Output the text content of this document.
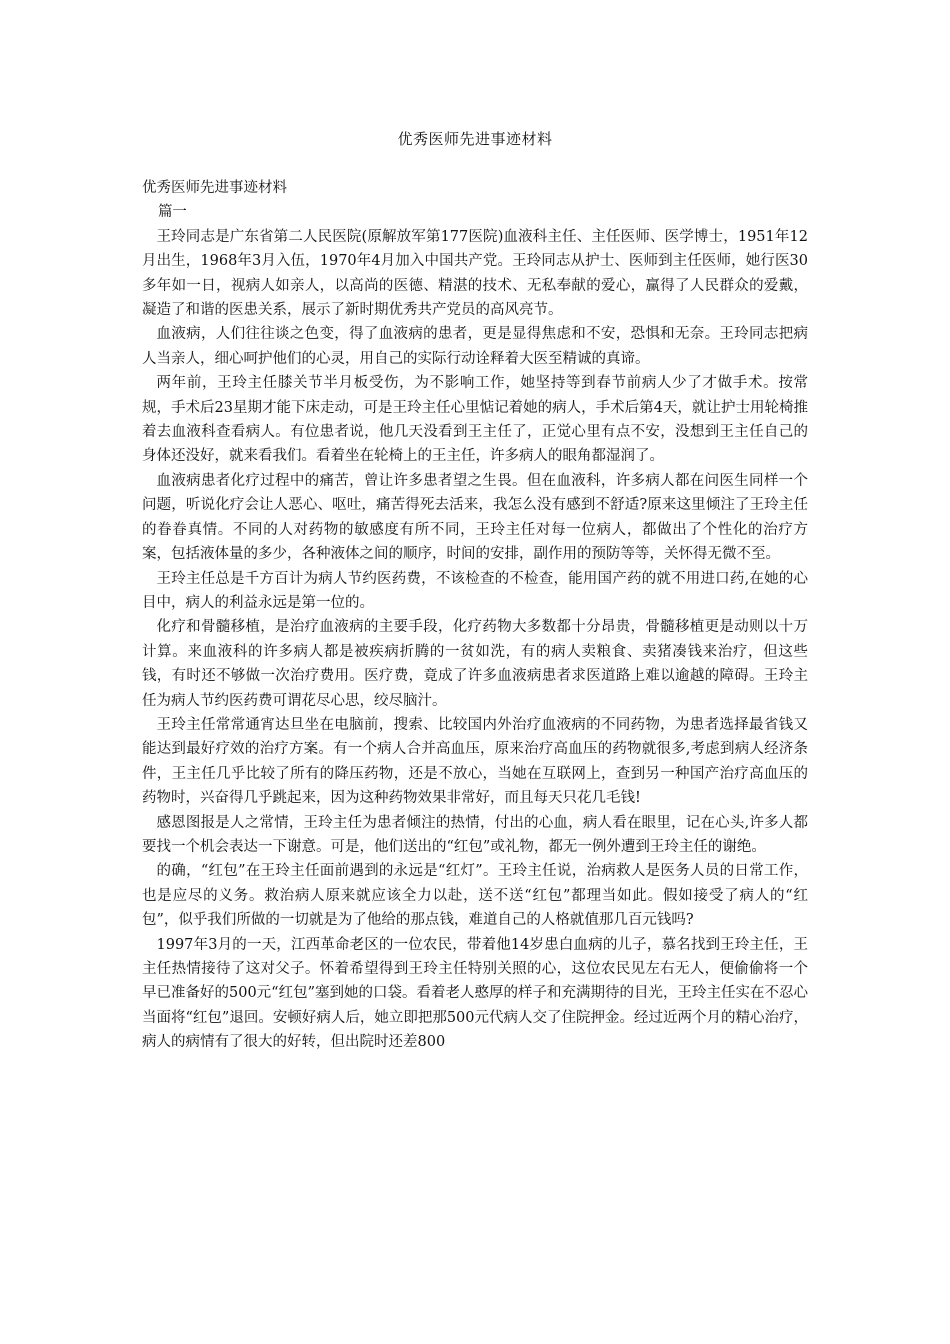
优秀医师先进事迹材料

优秀医师先进事迹材料

篇一

王玲同志是广东省第二人民医院(原解放军第177医院)血液科主任、主任医师、医学博士，1951年12月出生，1968年3月入伍，1970年4月加入中国共产党。王玲同志从护士、医师到主任医师，她行医30多年如一日，视病人如亲人，以高尚的医德、精湛的技术、无私奉献的爱心，赢得了人民群众的爱戴，凝造了和谐的医患关系，展示了新时期优秀共产党员的高风亮节。

血液病，人们往往谈之色变，得了血液病的患者，更是显得焦虑和不安，恐惧和无奈。王玲同志把病人当亲人，细心呵护他们的心灵，用自己的实际行动诠释着大医至精诚的真谛。

两年前，王玲主任膝关节半月板受伤，为不影响工作，她坚持等到春节前病人少了才做手术。按常规，手术后23星期才能下床走动，可是王玲主任心里惦记着她的病人，手术后第4天，就让护士用轮椅推着去血液科查看病人。有位患者说，他几天没看到王主任了，正觉心里有点不安，没想到王主任自己的身体还没好，就来看我们。看着坐在轮椅上的王主任，许多病人的眼角都湿润了。

血液病患者化疗过程中的痛苦，曾让许多患者望之生畏。但在血液科，许多病人都在问医生同样一个问题，听说化疗会让人恶心、呕吐，痛苦得死去活来，我怎么没有感到不舒适?原来这里倾注了王玲主任的眷眷真情。不同的人对药物的敏感度有所不同，王玲主任对每一位病人，都做出了个性化的治疗方案，包括液体量的多少，各种液体之间的顺序，时间的安排，副作用的预防等等，关怀得无微不至。

王玲主任总是千方百计为病人节约医药费，不该检查的不检查，能用国产药的就不用进口药,在她的心目中，病人的利益永远是第一位的。

化疗和骨髓移植，是治疗血液病的主要手段，化疗药物大多数都十分昂贵，骨髓移植更是动则以十万计算。来血液科的许多病人都是被疾病折腾的一贫如洗，有的病人卖粮食、卖猪凑钱来治疗，但这些钱，有时还不够做一次治疗费用。医疗费，竟成了许多血液病患者求医道路上难以逾越的障碍。王玲主任为病人节约医药费可谓花尽心思，绞尽脑汁。

王玲主任常常通宵达旦坐在电脑前，搜索、比较国内外治疗血液病的不同药物，为患者选择最省钱又能达到最好疗效的治疗方案。有一个病人合并高血压，原来治疗高血压的药物就很多,考虑到病人经济条件，王主任几乎比较了所有的降压药物，还是不放心，当她在互联网上，查到另一种国产治疗高血压的药物时，兴奋得几乎跳起来，因为这种药物效果非常好，而且每天只花几毛钱!

感恩图报是人之常情，王玲主任为患者倾注的热情，付出的心血，病人看在眼里，记在心头,许多人都要找一个机会表达一下谢意。可是，他们送出的“红包”或礼物，都无一例外遭到王玲主任的谢绝。

的确，“红包”在王玲主任面前遇到的永远是“红灯”。王玲主任说，治病救人是医务人员的日常工作，也是应尽的义务。救治病人原来就应该全力以赴，送不送“红包”都理当如此。假如接受了病人的“红包”，似乎我们所做的一切就是为了他给的那点钱，难道自己的人格就值那几百元钱吗?

1997年3月的一天，江西革命老区的一位农民，带着他14岁患白血病的儿子，慕名找到王玲主任，王主任热情接待了这对父子。怀着希望得到王玲主任特别关照的心，这位农民见左右无人，便偷偷将一个早已准备好的500元“红包”塞到她的口袋。看着老人憨厚的样子和充满期待的目光，王玲主任实在不忍心当面将“红包”退回。安顿好病人后，她立即把那500元代病人交了住院押金。经过近两个月的精心治疗，病人的病情有了很大的好转，但出院时还差800
